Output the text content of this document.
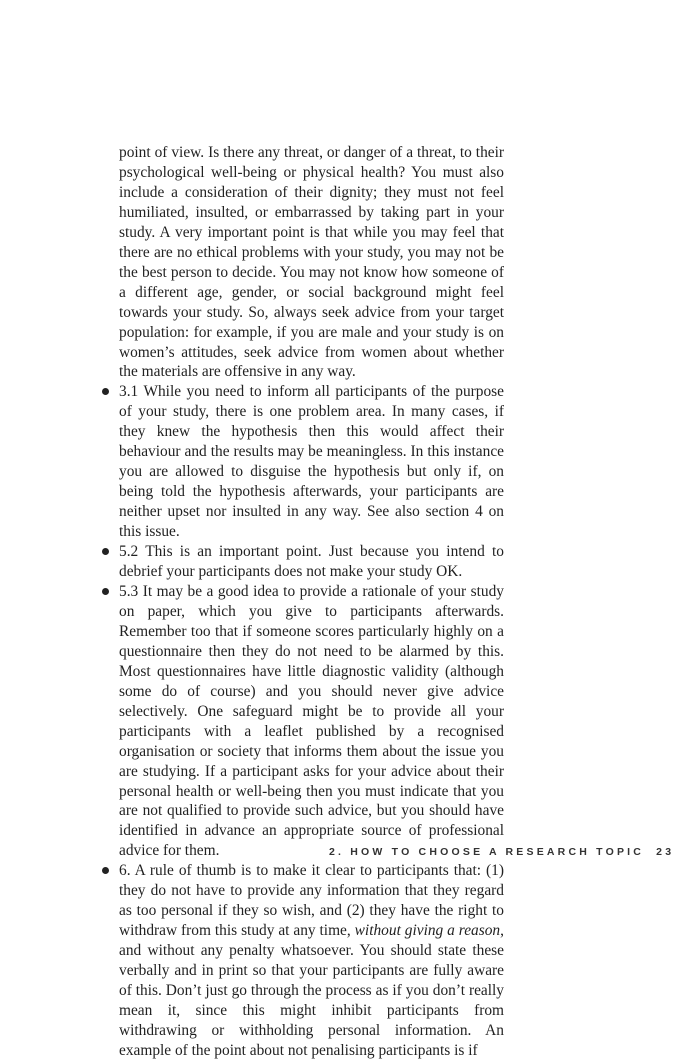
point of view. Is there any threat, or danger of a threat, to their psychological well-being or physical health? You must also include a consideration of their dignity; they must not feel humiliated, insulted, or embarrassed by taking part in your study. A very important point is that while you may feel that there are no ethical problems with your study, you may not be the best person to decide. You may not know how someone of a different age, gender, or social background might feel towards your study. So, always seek advice from your target population: for example, if you are male and your study is on women’s attitudes, seek advice from women about whether the materials are offensive in any way.

3.1 While you need to inform all participants of the purpose of your study, there is one problem area. In many cases, if they knew the hypothesis then this would affect their behaviour and the results may be meaningless. In this instance you are allowed to disguise the hypothesis but only if, on being told the hypothesis afterwards, your participants are neither upset nor insulted in any way. See also section 4 on this issue.
5.2 This is an important point. Just because you intend to debrief your participants does not make your study OK.
5.3 It may be a good idea to provide a rationale of your study on paper, which you give to participants afterwards. Remember too that if someone scores particularly highly on a questionnaire then they do not need to be alarmed by this. Most questionnaires have little diagnostic validity (although some do of course) and you should never give advice selectively. One safeguard might be to provide all your participants with a leaflet published by a recognised organisation or society that informs them about the issue you are studying. If a participant asks for your advice about their personal health or well-being then you must indicate that you are not qualified to provide such advice, but you should have identified in advance an appropriate source of professional advice for them.
6. A rule of thumb is to make it clear to participants that: (1) they do not have to provide any information that they regard as too personal if they so wish, and (2) they have the right to withdraw from this study at any time, without giving a reason, and without any penalty whatsoever. You should state these verbally and in print so that your participants are fully aware of this. Don’t just go through the process as if you don’t really mean it, since this might inhibit participants from withdrawing or withholding personal information. An example of the point about not penalising participants is if
2. HOW TO CHOOSE A RESEARCH TOPIC 23
